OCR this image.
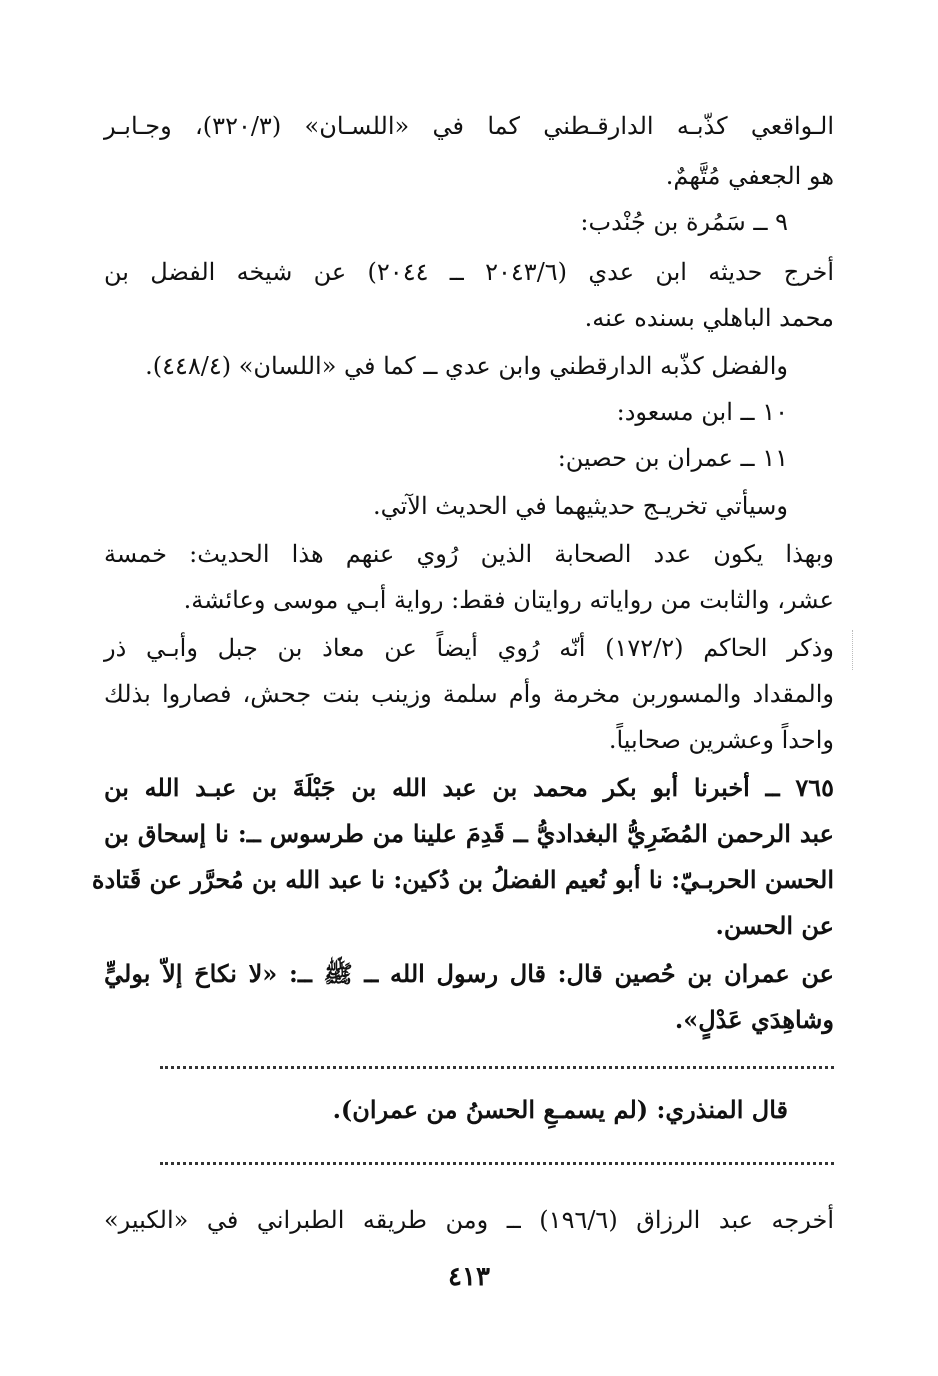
الـواقعي كذّبـه الدارقـطني كما في «اللسـان» (٣٢٠/٣)، وجـابـر
هو الجعفي مُتَّهمٌ.
٩ ــ سَمُرة بن جُنْدب:
أخرج حديثه ابن عدي (٢٠٤٣/٦ ــ ٢٠٤٤) عن شيخه الفضل بن
محمد الباهلي بسنده عنه.
والفضل كذّبه الدارقطني وابن عدي ــ كما في «اللسان» (٤٤٨/٤).
١٠ ــ ابن مسعود:
١١ ــ عمران بن حصين:
وسيأتي تخريـج حديثيهما في الحديث الآتي.
وبهذا يكون عدد الصحابة الذين رُوي عنهم هذا الحديث: خمسة
عشر، والثابت من رواياته روايتان فقط: رواية أبـي موسى وعائشة.
وذكر الحاكم (١٧٢/٢) أنّه رُوي أيضاً عن معاذ بن جبل وأبـي ذر
والمقداد والمسوربن مخرمة وأم سلمة وزينب بنت جحش، فصاروا بذلك
واحداً وعشرين صحابياً.
٧٦٥ ــ أخبرنا أبو بكر محمد بن عبد الله بن جَبْلَةَ بن عبـد الله بن
عبد الرحمن المُضَرِيُّ البغداديُّ ــ قَدِمَ علينا من طرسوس ــ: نا إسحاق بن
الحسن الحربـيّ: نا أبو نُعيم الفضلُ بن دُكين: نا عبد الله بن مُحرَّر عن قَتادة
عن الحسن.
عن عمران بن حُصين قال: قال رسول الله ــ ﷺ ــ: «لا نكاحَ إلاّ بوليٍّ
وشاهِدَي عَدْلٍ».
قال المنذري: (لم يسمـعِ الحسنُ من عمران).
أخرجه عبد الرزاق (١٩٦/٦) ــ ومن طريقه الطبراني في «الكبير»
٤١٣
